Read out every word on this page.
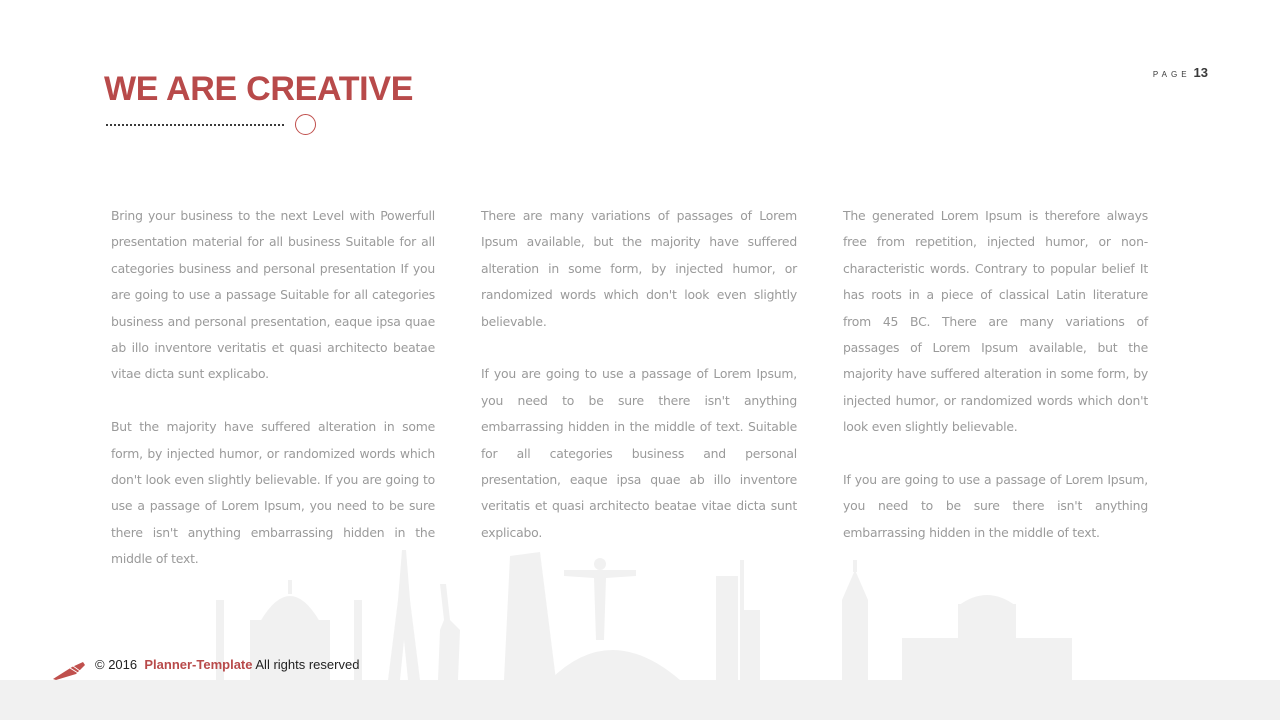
WE ARE CREATIVE	PAGE 13

Bring your business to the next Level with Powerfull presentation material for all business Suitable for all categories business and personal presentation If you are going to use a passage Suitable for all categories business and personal presentation, eaque ipsa quae ab illo inventore veritatis et quasi architecto beatae vitae dicta sunt explicabo.

But the majority have suffered alteration in some form, by injected humor, or randomized words which don't look even slightly believable. If you are going to use a passage of Lorem Ipsum, you need to be sure there isn't anything embarrassing hidden in the middle of text.

There are many variations of passages of Lorem Ipsum available, but the majority have suffered alteration in some form, by injected humor, or randomized words which don't look even slightly believable.

If you are going to use a passage of Lorem Ipsum, you need to be sure there isn't anything embarrassing hidden in the middle of text. Suitable for all categories business and personal presentation, eaque ipsa quae ab illo inventore veritatis et quasi architecto beatae vitae dicta sunt explicabo.

The generated Lorem Ipsum is therefore always free from repetition, injected humor, or non-characteristic words. Contrary to popular belief It has roots in a piece of classical Latin literature from 45 BC. There are many variations of passages of Lorem Ipsum available, but the majority have suffered alteration in some form, by injected humor, or randomized words which don't look even slightly believable.

If you are going to use a passage of Lorem Ipsum, you need to be sure there isn't anything embarrassing hidden in the middle of text.

© 2016 Planner-Template All rights reserved
